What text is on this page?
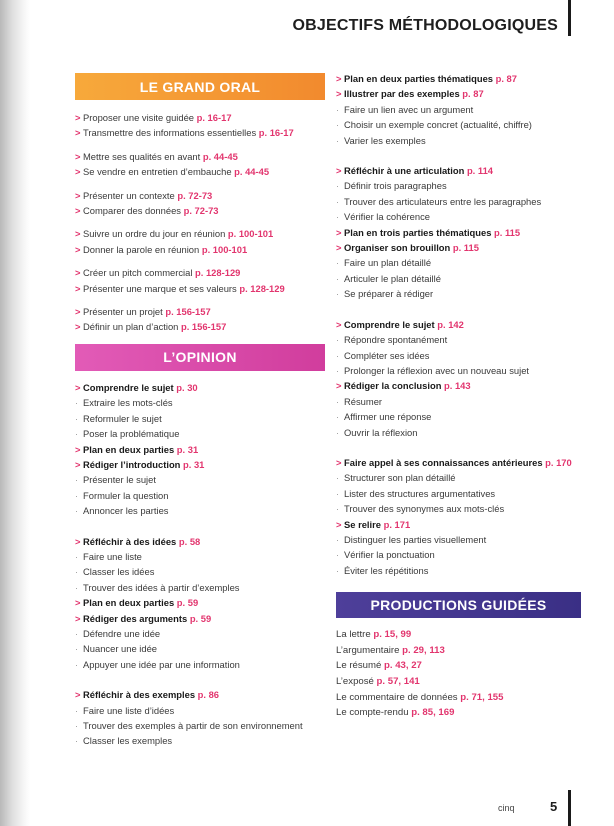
OBJECTIFS MÉTHODOLOGIQUES
LE GRAND ORAL
> Proposer une visite guidée p. 16-17
> Transmettre des informations essentielles p. 16-17
> Mettre ses qualités en avant p. 44-45
> Se vendre en entretien d’embauche p. 44-45
> Présenter un contexte p. 72-73
> Comparer des données p. 72-73
> Suivre un ordre du jour en réunion p. 100-101
> Donner la parole en réunion p. 100-101
> Créer un pitch commercial p. 128-129
> Présenter une marque et ses valeurs p. 128-129
> Présenter un projet p. 156-157
> Définir un plan d’action p. 156-157
L’OPINION
> Comprendre le sujet p. 30
· Extraire les mots-clés
· Reformuler le sujet
· Poser la problématique
> Plan en deux parties p. 31
> Rédiger l’introduction p. 31
· Présenter le sujet
· Formuler la question
· Annoncer les parties
> Réfléchir à des idées p. 58
· Faire une liste
· Classer les idées
· Trouver des idées à partir d’exemples
> Plan en deux parties p. 59
> Rédiger des arguments p. 59
· Défendre une idée
· Nuancer une idée
· Appuyer une idée par une information
> Réfléchir à des exemples p. 86
· Faire une liste d’idées
· Trouver des exemples à partir de son environnement
· Classer les exemples
> Plan en deux parties thématiques p. 87
> Illustrer par des exemples p. 87
· Faire un lien avec un argument
· Choisir un exemple concret (actualité, chiffre)
· Varier les exemples
> Réfléchir à une articulation p. 114
· Définir trois paragraphes
· Trouver des articulateurs entre les paragraphes
· Vérifier la cohérence
> Plan en trois parties thématiques p. 115
> Organiser son brouillon p. 115
· Faire un plan détaillé
· Articuler le plan détaillé
· Se préparer à rédiger
> Comprendre le sujet p. 142
· Répondre spontanément
· Compléter ses idées
· Prolonger la réflexion avec un nouveau sujet
> Rédiger la conclusion p. 143
· Résumer
· Affirmer une réponse
· Ouvrir la réflexion
> Faire appel à ses connaissances antérieures p. 170
· Structurer son plan détaillé
· Lister des structures argumentatives
· Trouver des synonymes aux mots-clés
> Se relire p. 171
· Distinguer les parties visuellement
· Vérifier la ponctuation
· Éviter les répétitions
PRODUCTIONS GUIDÉES
La lettre p. 15, 99
L’argumentaire p. 29, 113
Le résumé p. 43, 27
L’exposé p. 57, 141
Le commentaire de données p. 71, 155
Le compte-rendu p. 85, 169
cinq	5
